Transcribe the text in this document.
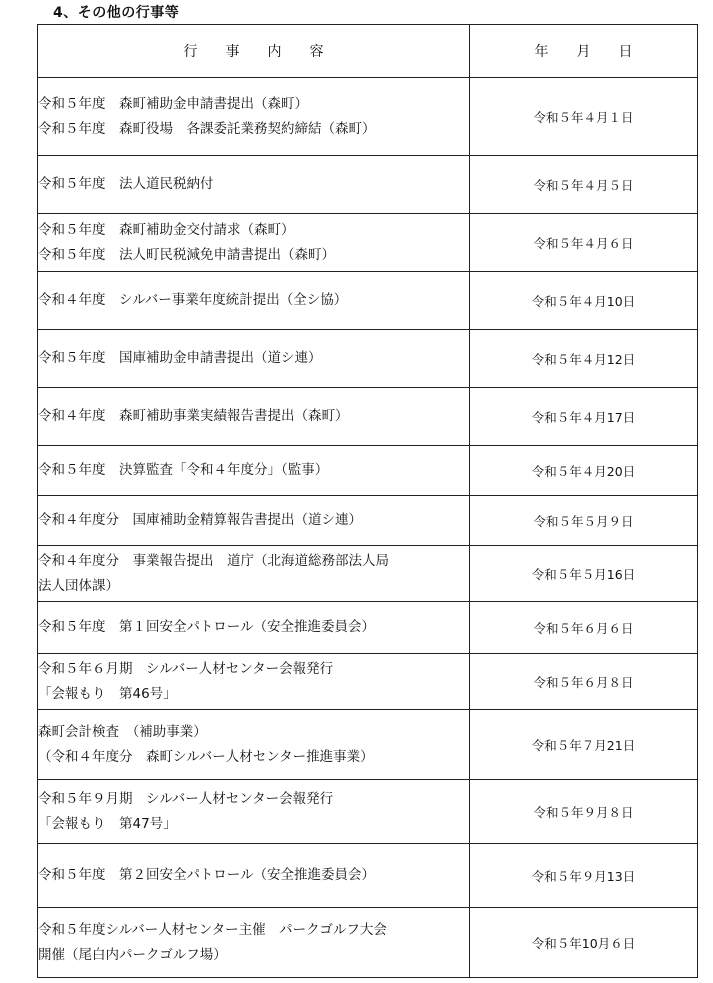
4、その他の行事等
行　　事　　内　　容	年　　月　　日

令和５年度　森町補助金申請書提出（森町）
令和５年度　森町役場　各課委託業務契約締結（森町）	令和５年４月１日

令和５年度　法人道民税納付	令和５年４月５日

令和５年度　森町補助金交付請求（森町）
令和５年度　法人町民税減免申請書提出（森町）	令和５年４月６日

令和４年度　シルバー事業年度統計提出（全シ協）	令和５年４月10日

令和５年度　国庫補助金申請書提出（道シ連）	令和５年４月12日

令和４年度　森町補助事業実績報告書提出（森町）	令和５年４月17日

令和５年度　決算監査「令和４年度分」（監事）	令和５年４月20日

令和４年度分　国庫補助金精算報告書提出（道シ連）	令和５年５月９日

令和４年度分　事業報告提出　道庁（北海道総務部法人局
法人団体課）	令和５年５月16日

令和５年度　第１回安全パトロール（安全推進委員会）	令和５年６月６日

令和５年６月期　シルバー人材センター会報発行
「会報もり　第46号」	令和５年６月８日

森町会計検査　（補助事業）
（令和４年度分　森町シルバー人材センター推進事業）	令和５年７月21日

令和５年９月期　シルバー人材センター会報発行
「会報もり　第47号」	令和５年９月８日

令和５年度　第２回安全パトロール（安全推進委員会）	令和５年９月13日

令和５年度シルバー人材センター主催　パークゴルフ大会
開催（尾白内パークゴルフ場）	令和５年10月６日
